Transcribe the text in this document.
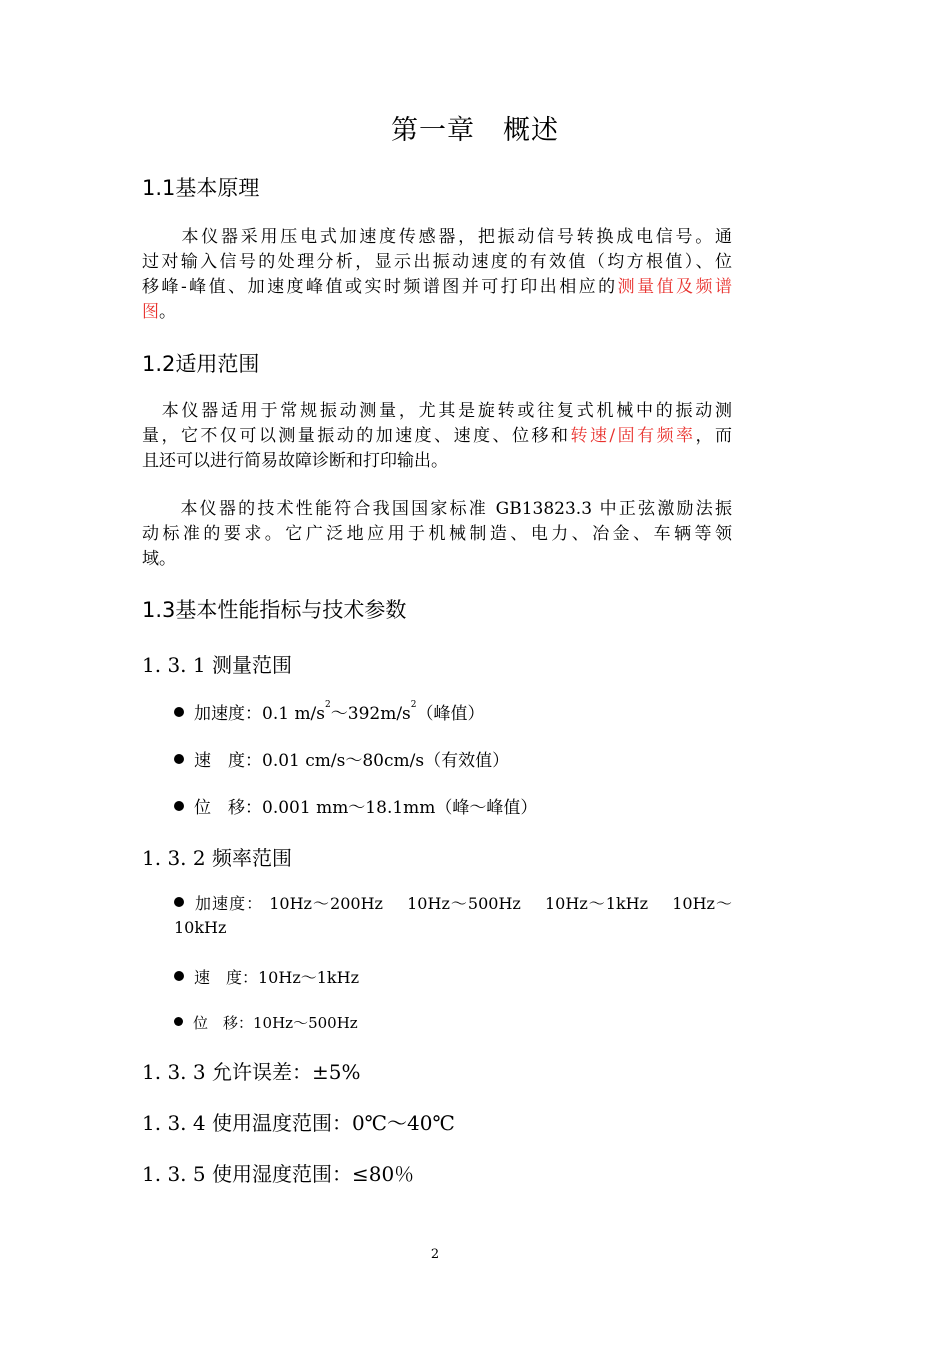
第一章　概述
1.1基本原理
　　本仪器采用压电式加速度传感器，把振动信号转换成电信号。通
过对输入信号的处理分析，显示出振动速度的有效值（均方根值）、位
移峰-峰值、加速度峰值或实时频谱图并可打印出相应的测量值及频谱
图。
1.2适用范围
　本仪器适用于常规振动测量，尤其是旋转或往复式机械中的振动测
量，它不仅可以测量振动的加速度、速度、位移和转速/固有频率，而
且还可以进行简易故障诊断和打印输出。
　　本仪器的技术性能符合我国国家标准 GB13823.3 中正弦激励法振
动标准的要求。它广泛地应用于机械制造、电力、冶金、车辆等领
域。
1.3基本性能指标与技术参数
1. 3. 1 测量范围
加速度：0.1 $m/s^2\sim 392m/s^2$（峰值）
速　度：0.01 cm/s～80cm/s（有效值）
位　移：0.001 mm～18.1mm（峰～峰值）
1. 3. 2 频率范围
加速度： 10Hz～200Hz　 10Hz～500Hz　 10Hz～1kHz　 10Hz～
10kHz
速　度：10Hz～1kHz
位　移：10Hz～500Hz
1. 3. 3 允许误差：±5%
1. 3. 4 使用温度范围：0℃～40℃
1. 3. 5 使用湿度范围：≤80％
2
